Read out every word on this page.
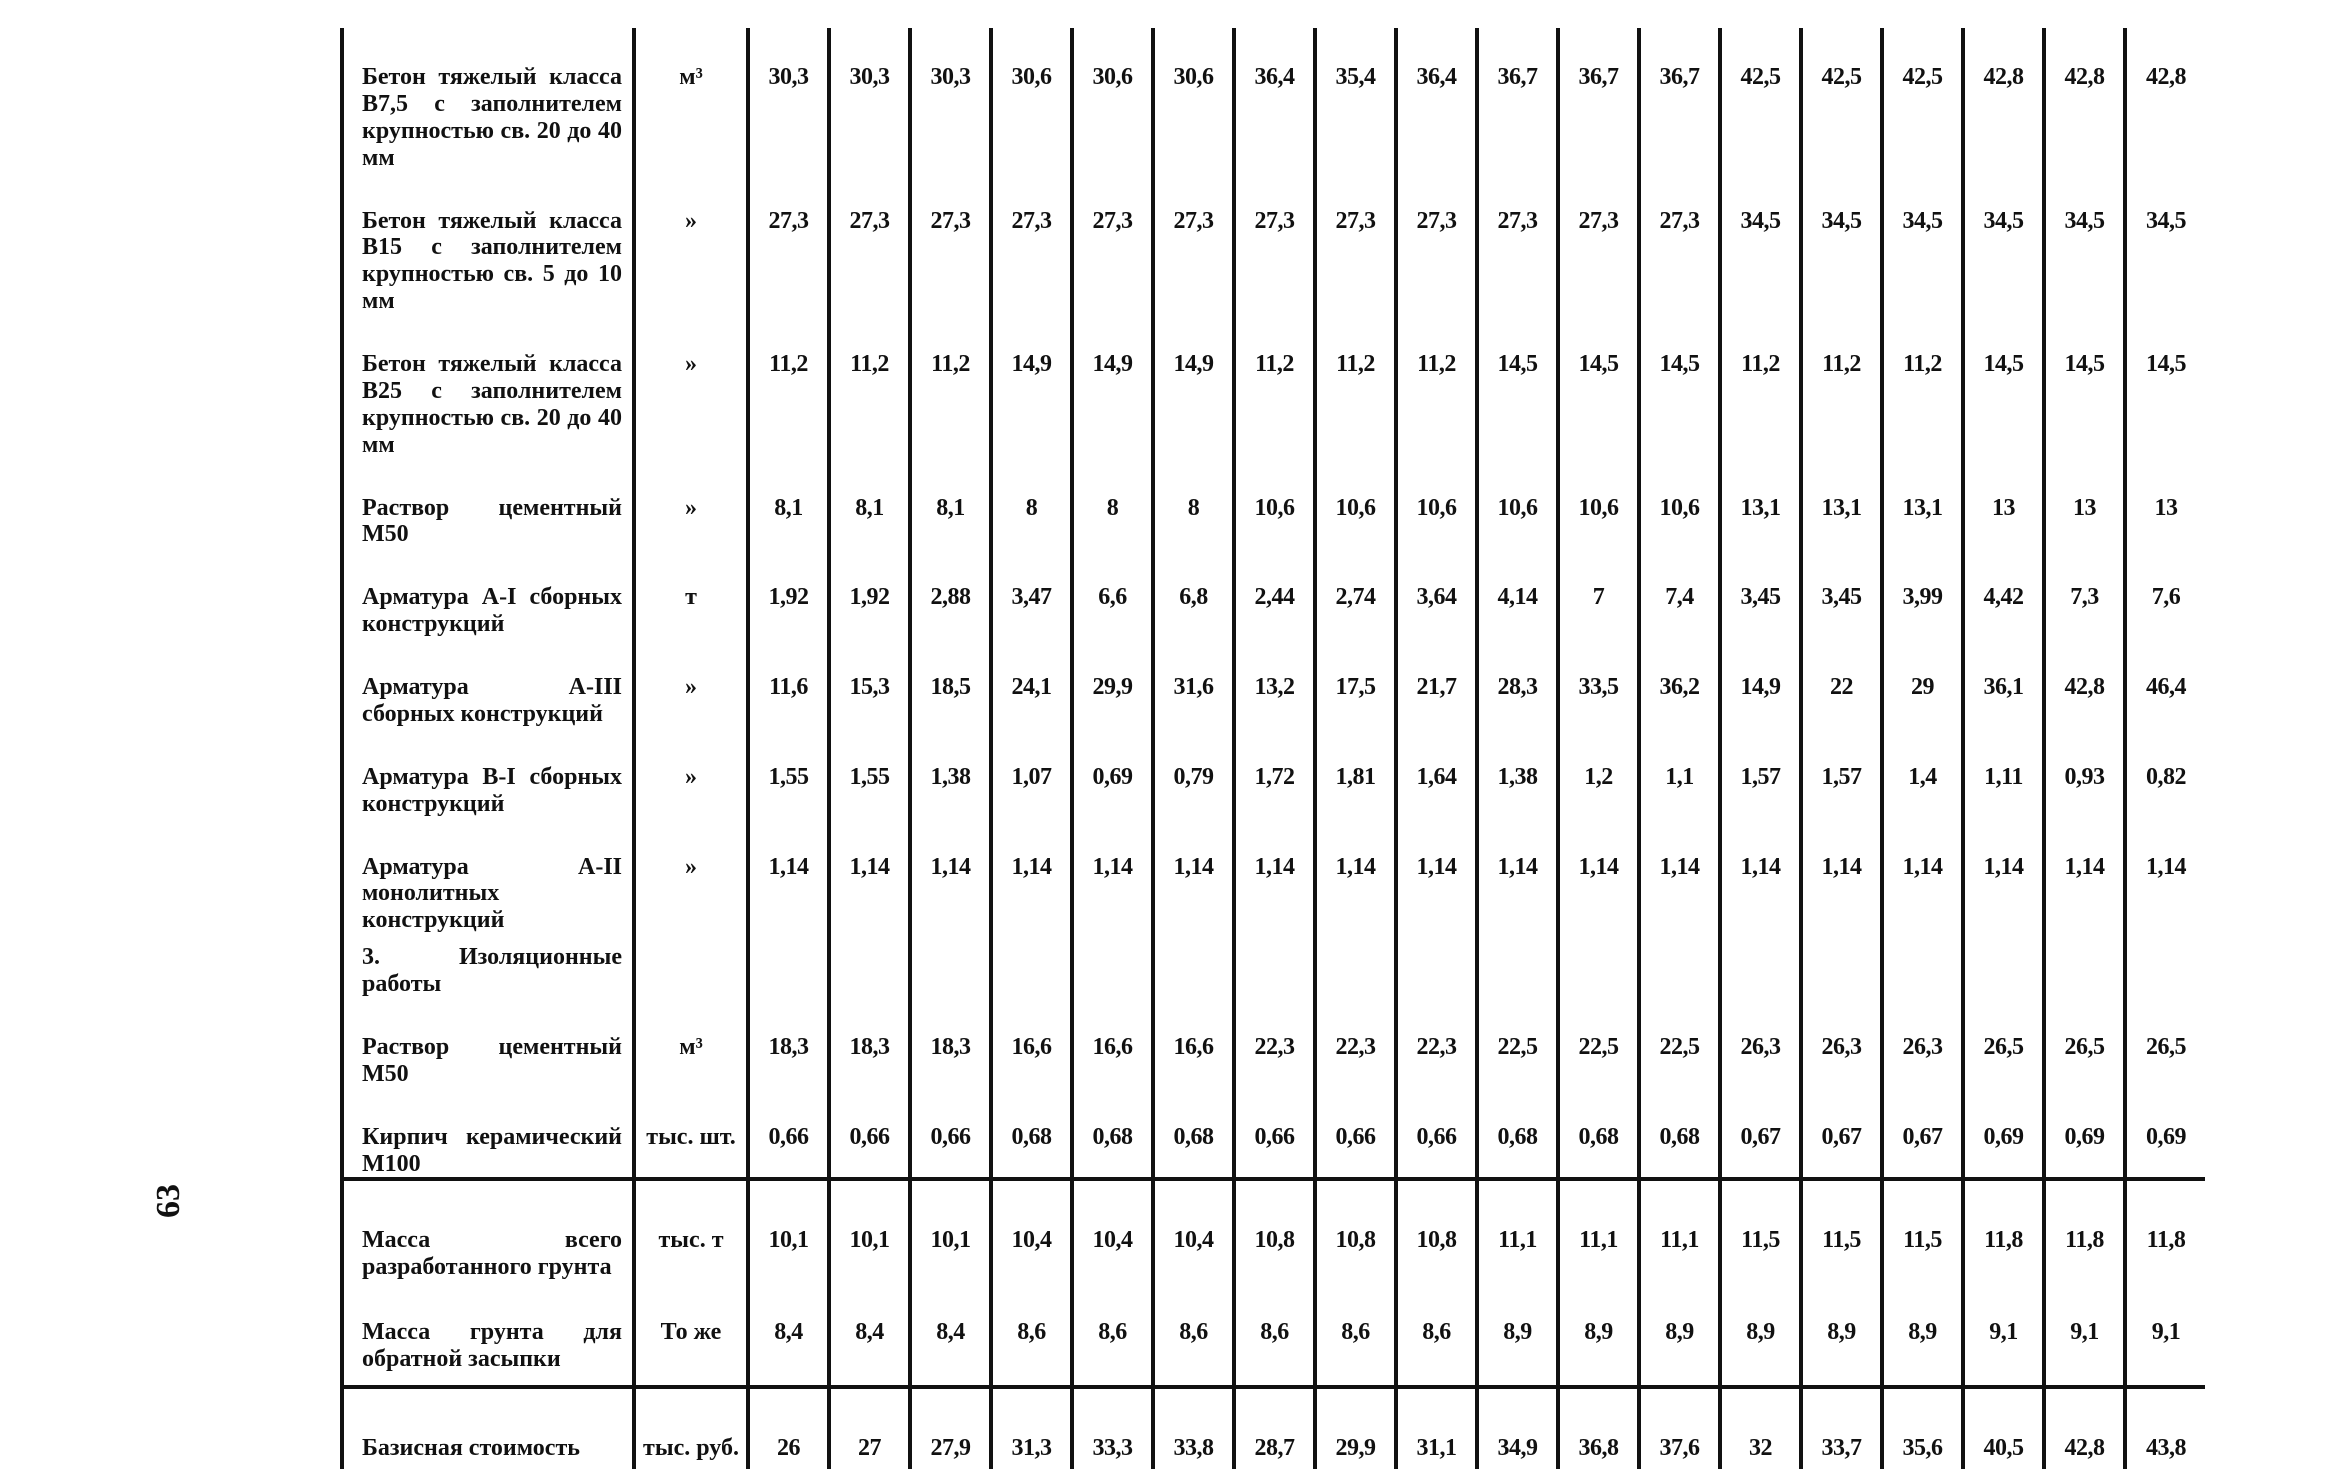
63
Бетон тяжелый класса В7,5 с заполнителем крупностью св. 20 до 40 мм	м³	30,3	30,3	30,3	30,6	30,6	30,6	36,4	35,4	36,4	36,7	36,7	36,7	42,5	42,5	42,5	42,8	42,8	42,8
Бетон тяжелый класса В15 с заполнителем крупностью св. 5 до 10 мм	»	27,3	27,3	27,3	27,3	27,3	27,3	27,3	27,3	27,3	27,3	27,3	27,3	34,5	34,5	34,5	34,5	34,5	34,5
Бетон тяжелый класса В25 с заполнителем крупностью св. 20 до 40 мм	»	11,2	11,2	11,2	14,9	14,9	14,9	11,2	11,2	11,2	14,5	14,5	14,5	11,2	11,2	11,2	14,5	14,5	14,5
Раствор цементный М50	»	8,1	8,1	8,1	8	8	8	10,6	10,6	10,6	10,6	10,6	10,6	13,1	13,1	13,1	13	13	13
Арматура А-I сборных конструкций	т	1,92	1,92	2,88	3,47	6,6	6,8	2,44	2,74	3,64	4,14	7	7,4	3,45	3,45	3,99	4,42	7,3	7,6
Арматура А-III сборных конструкций	»	11,6	15,3	18,5	24,1	29,9	31,6	13,2	17,5	21,7	28,3	33,5	36,2	14,9	22	29	36,1	42,8	46,4
Арматура В-I сборных конструкций	»	1,55	1,55	1,38	1,07	0,69	0,79	1,72	1,81	1,64	1,38	1,2	1,1	1,57	1,57	1,4	1,11	0,93	0,82
Арматура А-II монолитных конструкций	»	1,14	1,14	1,14	1,14	1,14	1,14	1,14	1,14	1,14	1,14	1,14	1,14	1,14	1,14	1,14	1,14	1,14	1,14
3. Изоляционные работы																			
Раствор цементный М50	м³	18,3	18,3	18,3	16,6	16,6	16,6	22,3	22,3	22,3	22,5	22,5	22,5	26,3	26,3	26,3	26,5	26,5	26,5
Кирпич керамический М100	тыс. шт.	0,66	0,66	0,66	0,68	0,68	0,68	0,66	0,66	0,66	0,68	0,68	0,68	0,67	0,67	0,67	0,69	0,69	0,69

Масса всего разработанного грунта	тыс. т	10,1	10,1	10,1	10,4	10,4	10,4	10,8	10,8	10,8	11,1	11,1	11,1	11,5	11,5	11,5	11,8	11,8	11,8
Масса грунта для обратной засыпки	То же	8,4	8,4	8,4	8,6	8,6	8,6	8,6	8,6	8,6	8,9	8,9	8,9	8,9	8,9	8,9	9,1	9,1	9,1

Базисная стоимость	тыс. руб.	26	27	27,9	31,3	33,3	33,8	28,7	29,9	31,1	34,9	36,8	37,6	32	33,7	35,6	40,5	42,8	43,8
